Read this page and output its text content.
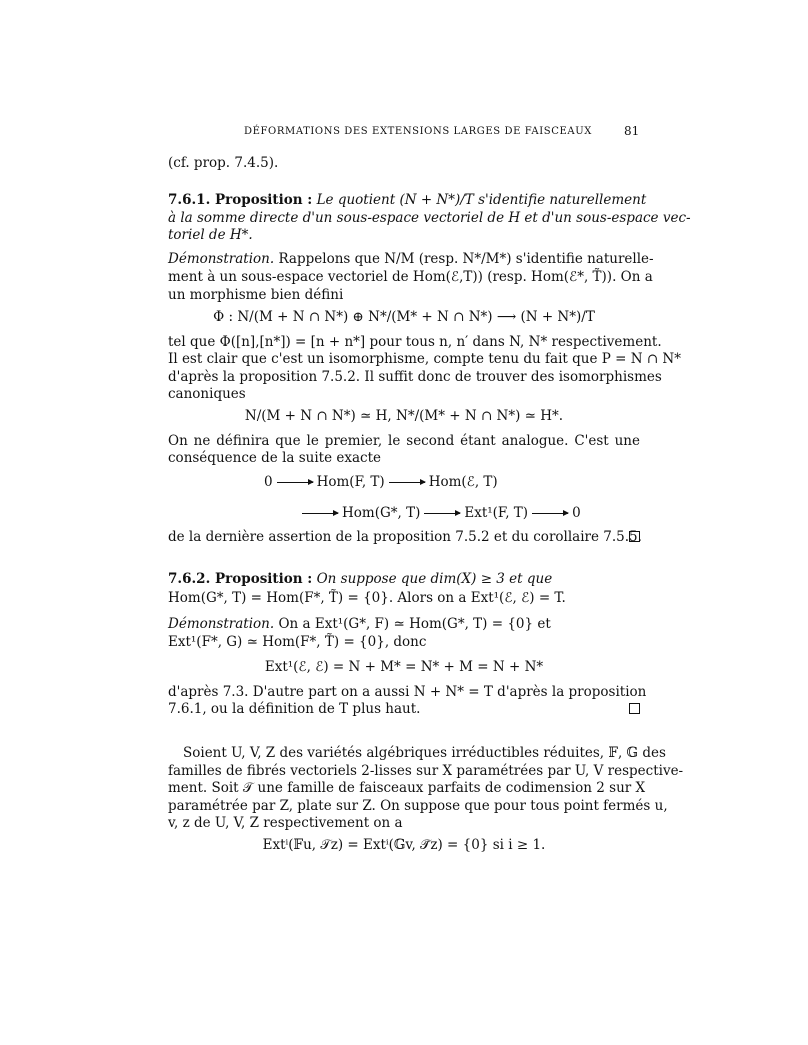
DÉFORMATIONS DES EXTENSIONS LARGES DE FAISCEAUX	81
(cf. prop. 7.4.5).
7.6.1. Proposition : Le quotient (N + N*)/T s'identifie naturellement
à la somme directe d'un sous-espace vectoriel de H et d'un sous-espace vec-
toriel de H*.
Démonstration. Rappelons que N/M (resp. N*/M*) s'identifie naturelle-
ment à un sous-espace vectoriel de Hom(ℰ,T)) (resp. Hom(ℰ*, T̃)). On a
un morphisme bien défini
Φ : N/(M + N ∩ N*) ⊕ N*/(M* + N ∩ N*) ⟶ (N + N*)/T
tel que Φ([n],[n*]) = [n + n*] pour tous n, n′ dans N, N* respectivement.
Il est clair que c'est un isomorphisme, compte tenu du fait que P = N ∩ N*
d'après la proposition 7.5.2. Il suffit donc de trouver des isomorphismes
canoniques
N/(M + N ∩ N*) ≃ H, N*/(M* + N ∩ N*) ≃ H*.
On ne définira que le premier, le second étant analogue. C'est une
conséquence de la suite exacte
0	Hom(F, T)	Hom(ℰ, T)
Hom(G*, T)	Ext¹(F, T)	0
de la dernière assertion de la proposition 7.5.2 et du corollaire 7.5.5.
7.6.2. Proposition : On suppose que dim(X) ≥ 3 et que
Hom(G*, T) = Hom(F*, T̃) = {0}. Alors on a Ext¹(ℰ, ℰ) = T.
Démonstration. On a Ext¹(G*, F) ≃ Hom(G*, T) = {0} et
Ext¹(F*, G) ≃ Hom(F*, T̃) = {0}, donc
Ext¹(ℰ, ℰ) = N + M* = N* + M = N + N*
d'après 7.3. D'autre part on a aussi N + N* = T d'après la proposition
7.6.1, ou la définition de T plus haut.
Soient U, V, Z des variétés algébriques irréductibles réduites, 𝔽, 𝔾 des
familles de fibrés vectoriels 2-lisses sur X paramétrées par U, V respective-
ment. Soit 𝒯 une famille de faisceaux parfaits de codimension 2 sur X
paramétrée par Z, plate sur Z. On suppose que pour tous point fermés u,
v, z de U, V, Z respectivement on a
Extⁱ(𝔽u, 𝒯z) = Extⁱ(𝔾v, 𝒯̃z) = {0} si i ≥ 1.
